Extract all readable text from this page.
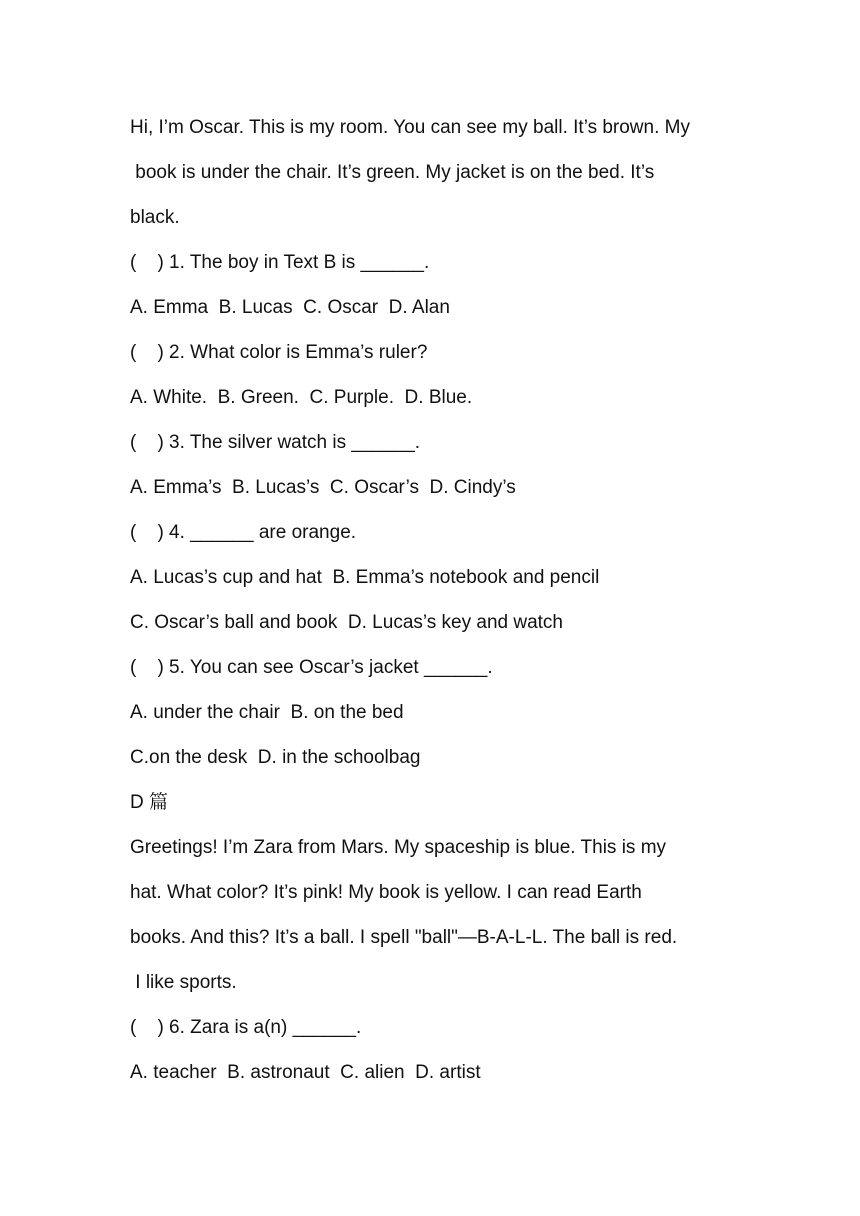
Hi, I’m Oscar. This is my room. You can see my ball. It’s brown. My

book is under the chair. It’s green. My jacket is on the bed. It’s

black.

(    ) 1. The boy in Text B is ______.

A. Emma  B. Lucas  C. Oscar  D. Alan

(    ) 2. What color is Emma’s ruler?

A. White.  B. Green.  C. Purple.  D. Blue.

(    ) 3. The silver watch is ______.

A. Emma’s  B. Lucas’s  C. Oscar’s  D. Cindy’s

(    ) 4. ______ are orange.

A. Lucas’s cup and hat  B. Emma’s notebook and pencil

C. Oscar’s ball and book  D. Lucas’s key and watch

(    ) 5. You can see Oscar’s jacket ______.

A. under the chair  B. on the bed

C.on the desk  D. in the schoolbag

D 篇

Greetings! I’m Zara from Mars. My spaceship is blue. This is my

hat. What color? It’s pink! My book is yellow. I can read Earth

books. And this? It’s a ball. I spell "ball"—B-A-L-L. The ball is red.

I like sports.

(    ) 6. Zara is a(n) ______.

A. teacher  B. astronaut  C. alien  D. artist
